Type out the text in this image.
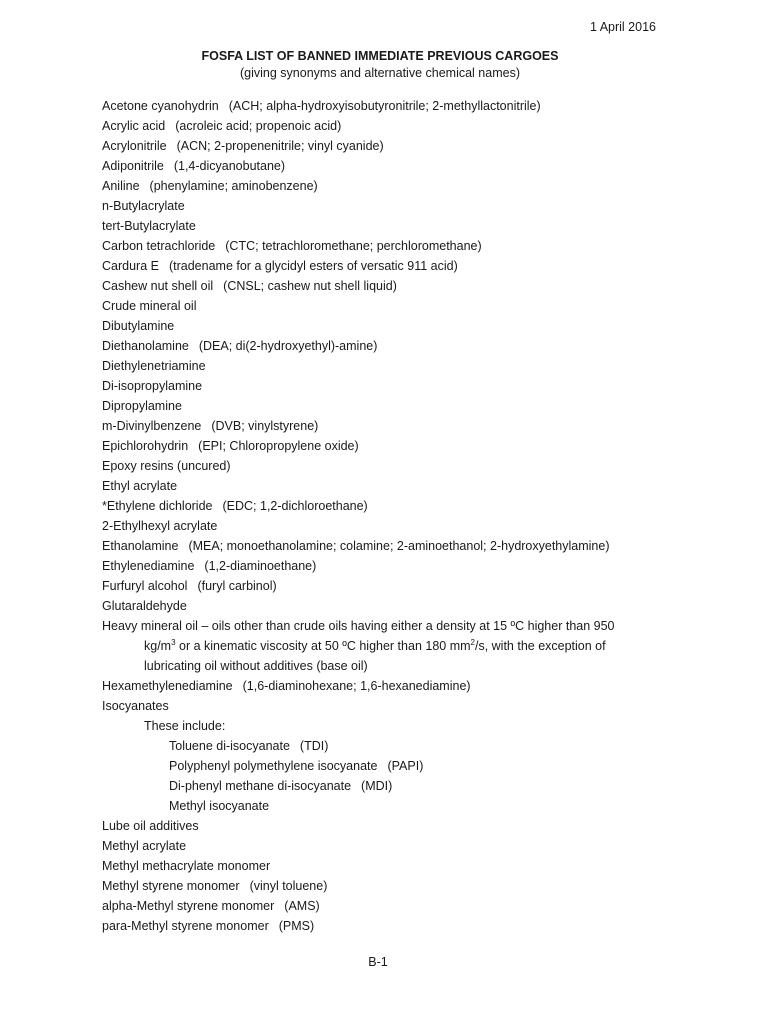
1 April 2016
FOSFA LIST OF BANNED IMMEDIATE PREVIOUS CARGOES
(giving synonyms and alternative chemical names)
Acetone cyanohydrin (ACH; alpha-hydroxyisobutyronitrile; 2-methyllactonitrile)
Acrylic acid (acroleic acid; propenoic acid)
Acrylonitrile (ACN; 2-propenenitrile; vinyl cyanide)
Adiponitrile (1,4-dicyanobutane)
Aniline (phenylamine; aminobenzene)
n-Butylacrylate
tert-Butylacrylate
Carbon tetrachloride (CTC; tetrachloromethane; perchloromethane)
Cardura E (tradename for a glycidyl esters of versatic 911 acid)
Cashew nut shell oil (CNSL; cashew nut shell liquid)
Crude mineral oil
Dibutylamine
Diethanolamine (DEA; di(2-hydroxyethyl)-amine)
Diethylenetriamine
Di-isopropylamine
Dipropylamine
m-Divinylbenzene (DVB; vinylstyrene)
Epichlorohydrin (EPI; Chloropropylene oxide)
Epoxy resins (uncured)
Ethyl acrylate
*Ethylene dichloride (EDC; 1,2-dichloroethane)
2-Ethylhexyl acrylate
Ethanolamine (MEA; monoethanolamine; colamine; 2-aminoethanol; 2-hydroxyethylamine)
Ethylenediamine (1,2-diaminoethane)
Furfuryl alcohol (furyl carbinol)
Glutaraldehyde
Heavy mineral oil – oils other than crude oils having either a density at 15 ºC higher than 950
$kg/m^3$ or a kinematic viscosity at 50 ºC higher than 180 $mm^2/s$, with the exception of
lubricating oil without additives (base oil)
Hexamethylenediamine (1,6-diaminohexane; 1,6-hexanediamine)
Isocyanates
These include:
Toluene di-isocyanate (TDI)
Polyphenyl polymethylene isocyanate (PAPI)
Di-phenyl methane di-isocyanate (MDI)
Methyl isocyanate
Lube oil additives
Methyl acrylate
Methyl methacrylate monomer
Methyl styrene monomer (vinyl toluene)
alpha-Methyl styrene monomer (AMS)
para-Methyl styrene monomer (PMS)
B-1
